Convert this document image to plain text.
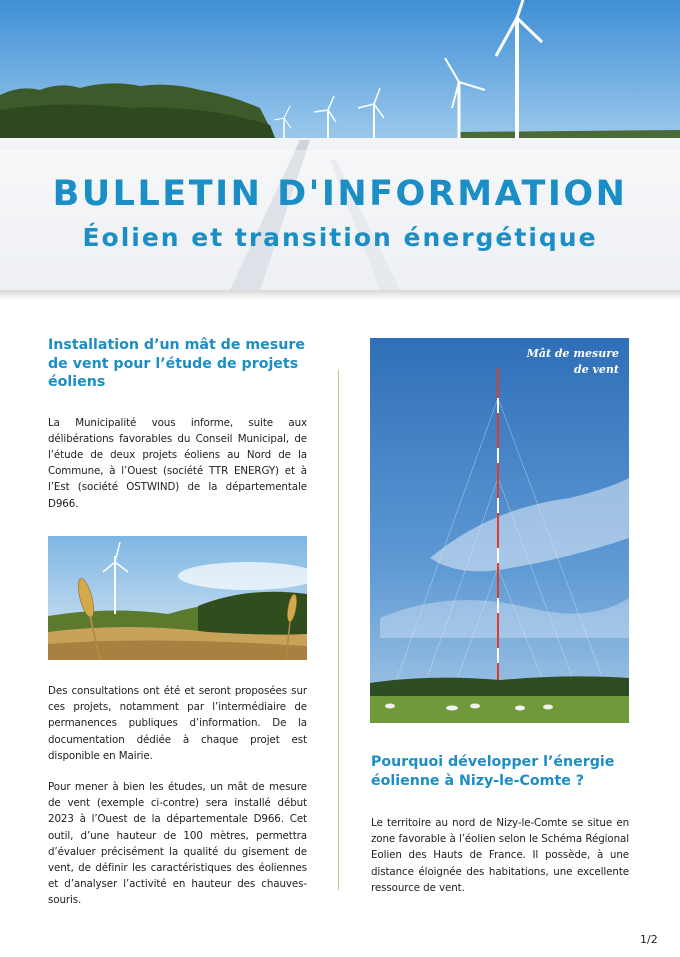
BULLETIN D'INFORMATION
Éolien et transition énergétique
Installation d’un mât de mesure de vent pour l’étude de projets éoliens

La Municipalité vous informe, suite aux délibérations favorables du Conseil Municipal, de l’étude de deux projets éoliens au Nord de la Commune, à l’Ouest (société TTR ENERGY) et à l’Est (société OSTWIND) de la départementale D966.

Des consultations ont été et seront proposées sur ces projets, notamment par l’intermédiaire de permanences publiques d’information. De la documentation dédiée à chaque projet est disponible en Mairie.

Pour mener à bien les études, un mât de mesure de vent (exemple ci-contre) sera installé début 2023 à l’Ouest de la départementale D966. Cet outil, d’une hauteur de 100 mètres, permettra d’évaluer précisément la qualité du gisement de vent, de définir les caractéristiques des éoliennes et d’analyser l’activité en hauteur des chauves-souris.

Mât de mesure
de vent
Pourquoi développer l’énergie éolienne à Nizy-le-Comte ?

Le territoire au nord de Nizy-le-Comte se situe en zone favorable à l’éolien selon le Schéma Régional Eolien des Hauts de France. Il possède, à une distance éloignée des habitations, une excellente ressource de vent.

1/2
